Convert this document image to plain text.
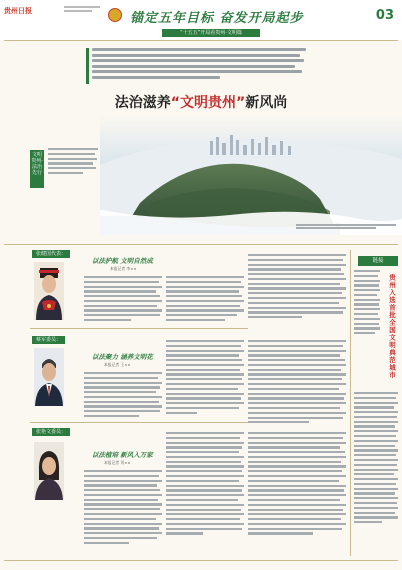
贵州日报
锚定五年目标 奋发开局起步
“十五五”开局看贵州·文明篇
03
法治滋养“文明贵州”新风尚
文明贵州·法治先行
张健国代表：
以法护航 文明自然成
本报记者 李××
蔡军委员：
以法聚力 涵养文明花
本报记者 王××
张艳文委员：
以法植培 新风入万家
本报记者 刘××
链接
贵州入选首批全国文明典范城市
